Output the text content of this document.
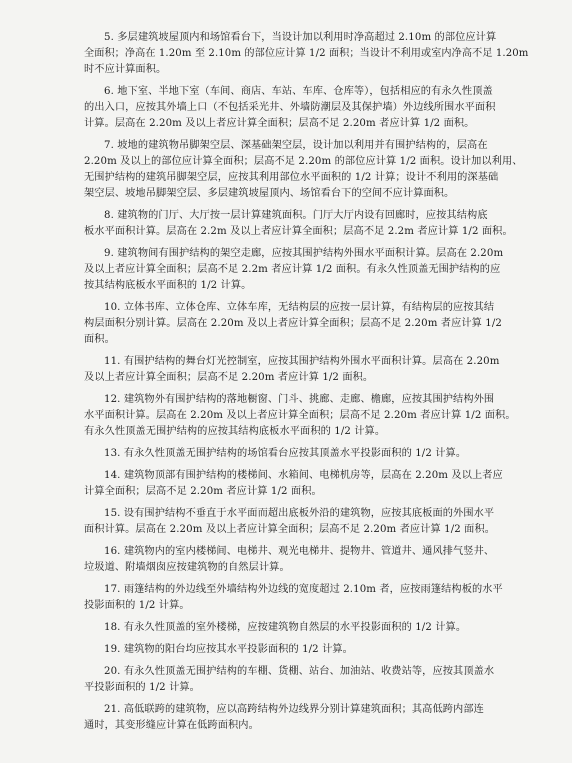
5. 多层建筑坡屋顶内和场馆看台下，当设计加以利用时净高超过 2.10m 的部位应计算
全面积；净高在 1.20m 至 2.10m 的部位应计算 1/2 面积；当设计不利用或室内净高不足 1.20m
时不应计算面积。

6. 地下室、半地下室（车间、商店、车站、车库、仓库等），包括相应的有永久性顶盖
的出入口，应按其外墙上口（不包括采光井、外墙防潮层及其保护墙）外边线所围水平面积
计算。层高在 2.20m 及以上者应计算全面积；层高不足 2.20m 者应计算 1/2 面积。

7. 坡地的建筑物吊脚架空层、深基础架空层，设计加以利用并有围护结构的，层高在
2.20m 及以上的部位应计算全面积；层高不足 2.20m 的部位应计算 1/2 面积。设计加以利用、
无围护结构的建筑吊脚架空层，应按其利用部位水平面积的 1/2 计算；设计不利用的深基础
架空层、坡地吊脚架空层、多层建筑坡屋顶内、场馆看台下的空间不应计算面积。

8. 建筑物的门厅、大厅按一层计算建筑面积。门厅大厅内设有回廊时，应按其结构底
板水平面积计算。层高在 2.2m 及以上者应计算全面积；层高不足 2.2m 者应计算 1/2 面积。

9. 建筑物间有围护结构的架空走廊，应按其围护结构外围水平面积计算。层高在 2.20m
及以上者应计算全面积；层高不足 2.2m 者应计算 1/2 面积。有永久性顶盖无围护结构的应
按其结构底板水平面积的 1/2 计算。

10. 立体书库、立体仓库、立体车库，无结构层的应按一层计算，有结构层的应按其结
构层面积分别计算。层高在 2.20m 及以上者应计算全面积；层高不足 2.20m 者应计算 1/2
面积。

11. 有围护结构的舞台灯光控制室，应按其围护结构外围水平面积计算。层高在 2.20m
及以上者应计算全面积；层高不足 2.20m 者应计算 1/2 面积。

12. 建筑物外有围护结构的落地橱窗、门斗、挑廊、走廊、檐廊，应按其围护结构外围
水平面积计算。层高在 2.20m 及以上者应计算全面积；层高不足 2.20m 者应计算 1/2 面积。
有永久性顶盖无围护结构的应按其结构底板水平面积的 1/2 计算。

13. 有永久性顶盖无围护结构的场馆看台应按其顶盖水平投影面积的 1/2 计算。

14. 建筑物顶部有围护结构的楼梯间、水箱间、电梯机房等，层高在 2.20m 及以上者应
计算全面积；层高不足 2.20m 者应计算 1/2 面积。

15. 设有围护结构不垂直于水平面而超出底板外沿的建筑物，应按其底板面的外围水平
面积计算。层高在 2.20m 及以上者应计算全面积；层高不足 2.20m 者应计算 1/2 面积。

16. 建筑物内的室内楼梯间、电梯井、观光电梯井、提物井、管道井、通风排气竖井、
垃圾道、附墙烟囱应按建筑物的自然层计算。

17. 雨篷结构的外边线至外墙结构外边线的宽度超过 2.10m 者，应按雨篷结构板的水平
投影面积的 1/2 计算。

18. 有永久性顶盖的室外楼梯，应按建筑物自然层的水平投影面积的 1/2 计算。

19. 建筑物的阳台均应按其水平投影面积的 1/2 计算。

20. 有永久性顶盖无围护结构的车棚、货棚、站台、加油站、收费站等，应按其顶盖水
平投影面积的 1/2 计算。

21. 高低联跨的建筑物，应以高跨结构外边线界分别计算建筑面积；其高低跨内部连
通时，其变形缝应计算在低跨面积内。
